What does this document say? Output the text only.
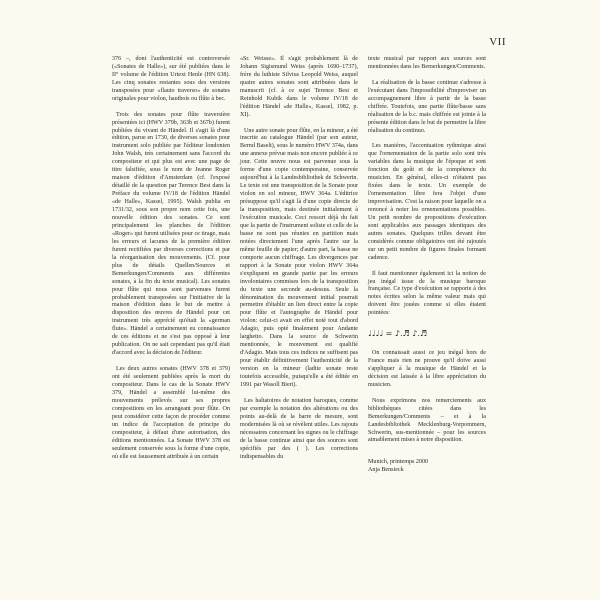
VII

376 –, dont l'authenticité est controversée («Sonates de Halle»), sur été publiées dans le II° volume de l'édition Urtext Henle (HN 638). Les cinq sonates restantes sous des versions transposées pour «flauto traverso» de sonates originales pour violon, hautbois ou flûte à bec.

Trois des sonates pour flûte traversière présentées ici (HWV 379b, 363b et 367b) furent publiées du vivant de Händel. Il s'agit là d'une édition, parue en 1730, de diverses sonates pour instrument solo publiée par l'éditeur londonien John Walsh, très certainement sans l'accord du compositeur et qui plus est avec une page de titre falsifiée, sous le nom de Jeanne Roger maison d'édition d'Amsterdam (cf. l'exposé détaillé de la question par Terence Best dans la Préface du volume IV/18 de l'édition Händel «de Halle», Kassel, 1995). Walsh publia en 1731/32, sous son propre nom cette fois, une nouvelle édition des sonates. Ce sont principalement les planches de l'édition «Roger» qui furent utilisées pour ce tirage, mais les erreurs et lacunes de la première édition furent rectifiées par diverses corrections et par la réorganisation des mouvements. (Cf. pour plus de détails Quellen/Sources et Bemerkungen/Comments aux différentes sonates, à la fin du texte musical). Les sonates pour flûte qui nous sont parvenues furent probablement transposées sur l'initiative de la maison d'édition dans le but de mettre à disposition des œuvres de Händel pour cet instrument très apprécié qu'était la «german flute». Händel a certainement eu connaissance de ces éditions et ne s'est pas opposé à leur publication. On ne sait cependant pas qu'il était d'accord avec la décision de l'éditeur.

Les deux autres sonates (HWV 378 et 379) ont été seulement publiées après la mort du compositeur. Dans le cas de la Sonate HWV 379, Händel a assemblé lui-même des mouvements prélevés sur ses propres compositions en les arrangeant pour flûte. On peut considérer cette façon de procéder comme un indice de l'acceptation de principe du compositeur, à défaut d'une autorisation, des éditions mentionnées. La Sonate HWV 378 est seulement conservée sous la forme d'une copie, où elle est faussement attribuée à un certain

«Sr. Weisse». Il s'agit probablement là de Johann Sigismund Weiss (après 1690–1737), frère du luthiste Silvius Leopold Weiss, auquel quatre autres sonates sont attribuées dans le manuscrit (cf. à ce sujet Terence Best et Reinhold Kubik dans le volume IV/18 de l'édition Händel «de Halle», Kassel, 1982, p. XI).

Une autre sonate pour flûte, en la mineur, a été inscrite au catalogue Händel (par son auteur, Bernd Baselt), sous le numéro HWV 374a, dans une annexe prévue mais non encore publiée à ce jour. Cette œuvre nous est parvenue sous la forme d'une copie contemporaine, conservée aujourd'hui à la Landesbibliothek de Schwerin. Le texte est une transposition de la Sonate pour violon en sol mineur, HWV 364a. L'éditrice présuppose qu'il s'agit là d'une copie directe de la transposition, mais destinée initialement à l'exécution musicale. Ceci ressort déjà du fait que la partie de l'instrument soliste et celle de la basse ne sont pas réunies en partition mais notées directement l'une après l'autre sur la même feuille de papier; d'autre part, la basse ne comporte aucun chiffrage. Les divergences par rapport à la Sonate pour violon HWV 364a s'expliquent en grande partie par les erreurs involontaires commises lors de la transposition du texte une seconde au-dessus. Seule la dénomination du mouvement initial pourrait permettre d'établir un lien direct entre la copie pour flûte et l'autographe de Händel pour violon: celui-ci avait en effet noté tout d'abord Adagio, puis opté finalement pour Andante larghetto. Dans la source de Schwerin mentionnée, le mouvement est qualifié d'Adagio. Mais tous ces indices ne suffisent pas pour établir définitivement l'authenticité de la version en la mineur (ladite sonate reste toutefois accessible, puisqu'elle a été éditée en 1991 par Wasoll Bieri).

Les haltatoires de notation baroques, comme par exemple la notation des altérations ou des points au-delà de la barre de mesure, sont modernisées là où se révèlent utiles. Les rajouts nécessaires concernant les signes ou le chiffrage de la basse continue ainsi que des sources sont spécifiés par des ( ). Les corrections indispensables du

texte musical par rapport aux sources sont mentionnées dans les Bemerkungen/Comments.

La réalisation de la basse continue s'adresse à l'exécutant dans l'impossibilité d'improviser un accompagnement libre à partir de la basse chiffrée. Toutefois, une partie flûte/basse sans réalisation de la b.c. mais chiffrée est jointe à la présente édition dans le but de permettre la libre réalisation du continuo.

Les manières, l'accentuation rythmique ainsi que l'ornementation de la partie solo sont très variables dans la musique de l'époque et sont fonction du goût et de la compétence du musicien. En général, elles-ci n'étaient pas fixées dans le texte. Un exemple de l'ornementation libre fera l'objet d'une improvisation. C'est la raison pour laquelle on a renoncé à noter les ornementations possibles. Un petit nombre de propositions d'exécution sont applicables aux passages identiques des autres sonates. Quelques trilles devant être considérés comme obligatoires ont été rajoutés sur un petit nombre de figures finales formant cadence.

Il faut mentionner également ici la notion de jeu inégal issue de la musique baroque française. Ce type d'exécution se rapporte à des notes écrites selon la même valeur mais qui doivent être jouées comme si elles étaient pointées:

♩♩♩♩ = ♪.♬ ♪.♬

On connaissait aussi ce jeu inégal hors de France mais rien ne prouve qu'il doive aussi s'appliquer à la musique de Händel et la décision est laissée à la libre appréciation du musicien.

Nous exprimons nos remerciements aux bibliothèques citées dans les Bemerkungen/Comments – et à la Landesbibliothek Mecklenburg-Vorpommern, Schwerin, sus-mentionnée – pour les sources aimablement mises à notre disposition.

Munich, printemps 2000
Anja Bensieck
